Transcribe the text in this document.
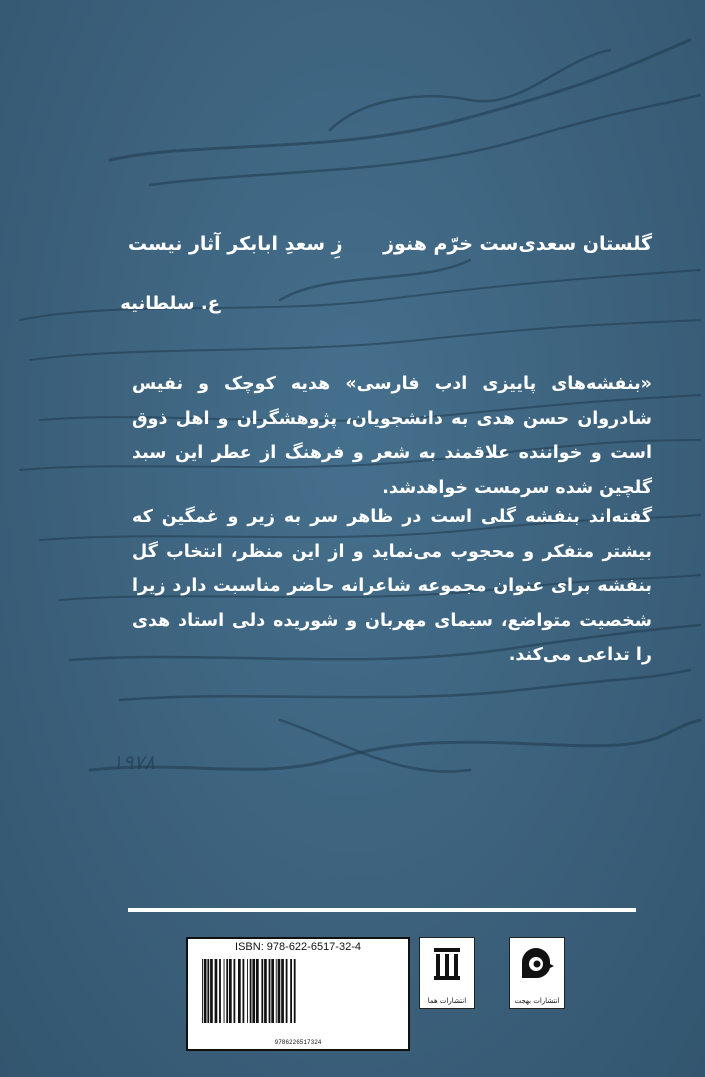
۱۹۷۸
گلستان سعدی‌ست خرّم هنوز
زِ سعدِ ابابکر آثار نیست
ع. سلطانیه
«بنفشه‌های پاییزی ادب فارسی» هدیه کوچک و نفیس شادروان حسن هدی به دانشجویان، پژوهشگران و اهل ذوق است و خواننده علاقمند به شعر و فرهنگ از عطر این سبد گلچین شده سرمست خواهدشد.
گفته‌اند بنفشه گلی است در ظاهر سر به زیر و غمگین که بیشتر متفکر و محجوب می‌نماید و از این منظر، انتخاب گل بنفشه برای عنوان مجموعه شاعرانه حاضر مناسبت دارد زیرا شخصیت متواضع، سیمای مهربان و شوریده دلی استاد هدی را تداعی می‌کند.
ISBN: 978-622-6517-32-4
9786226517324
انتشارات هما	انتشارات بهجت
